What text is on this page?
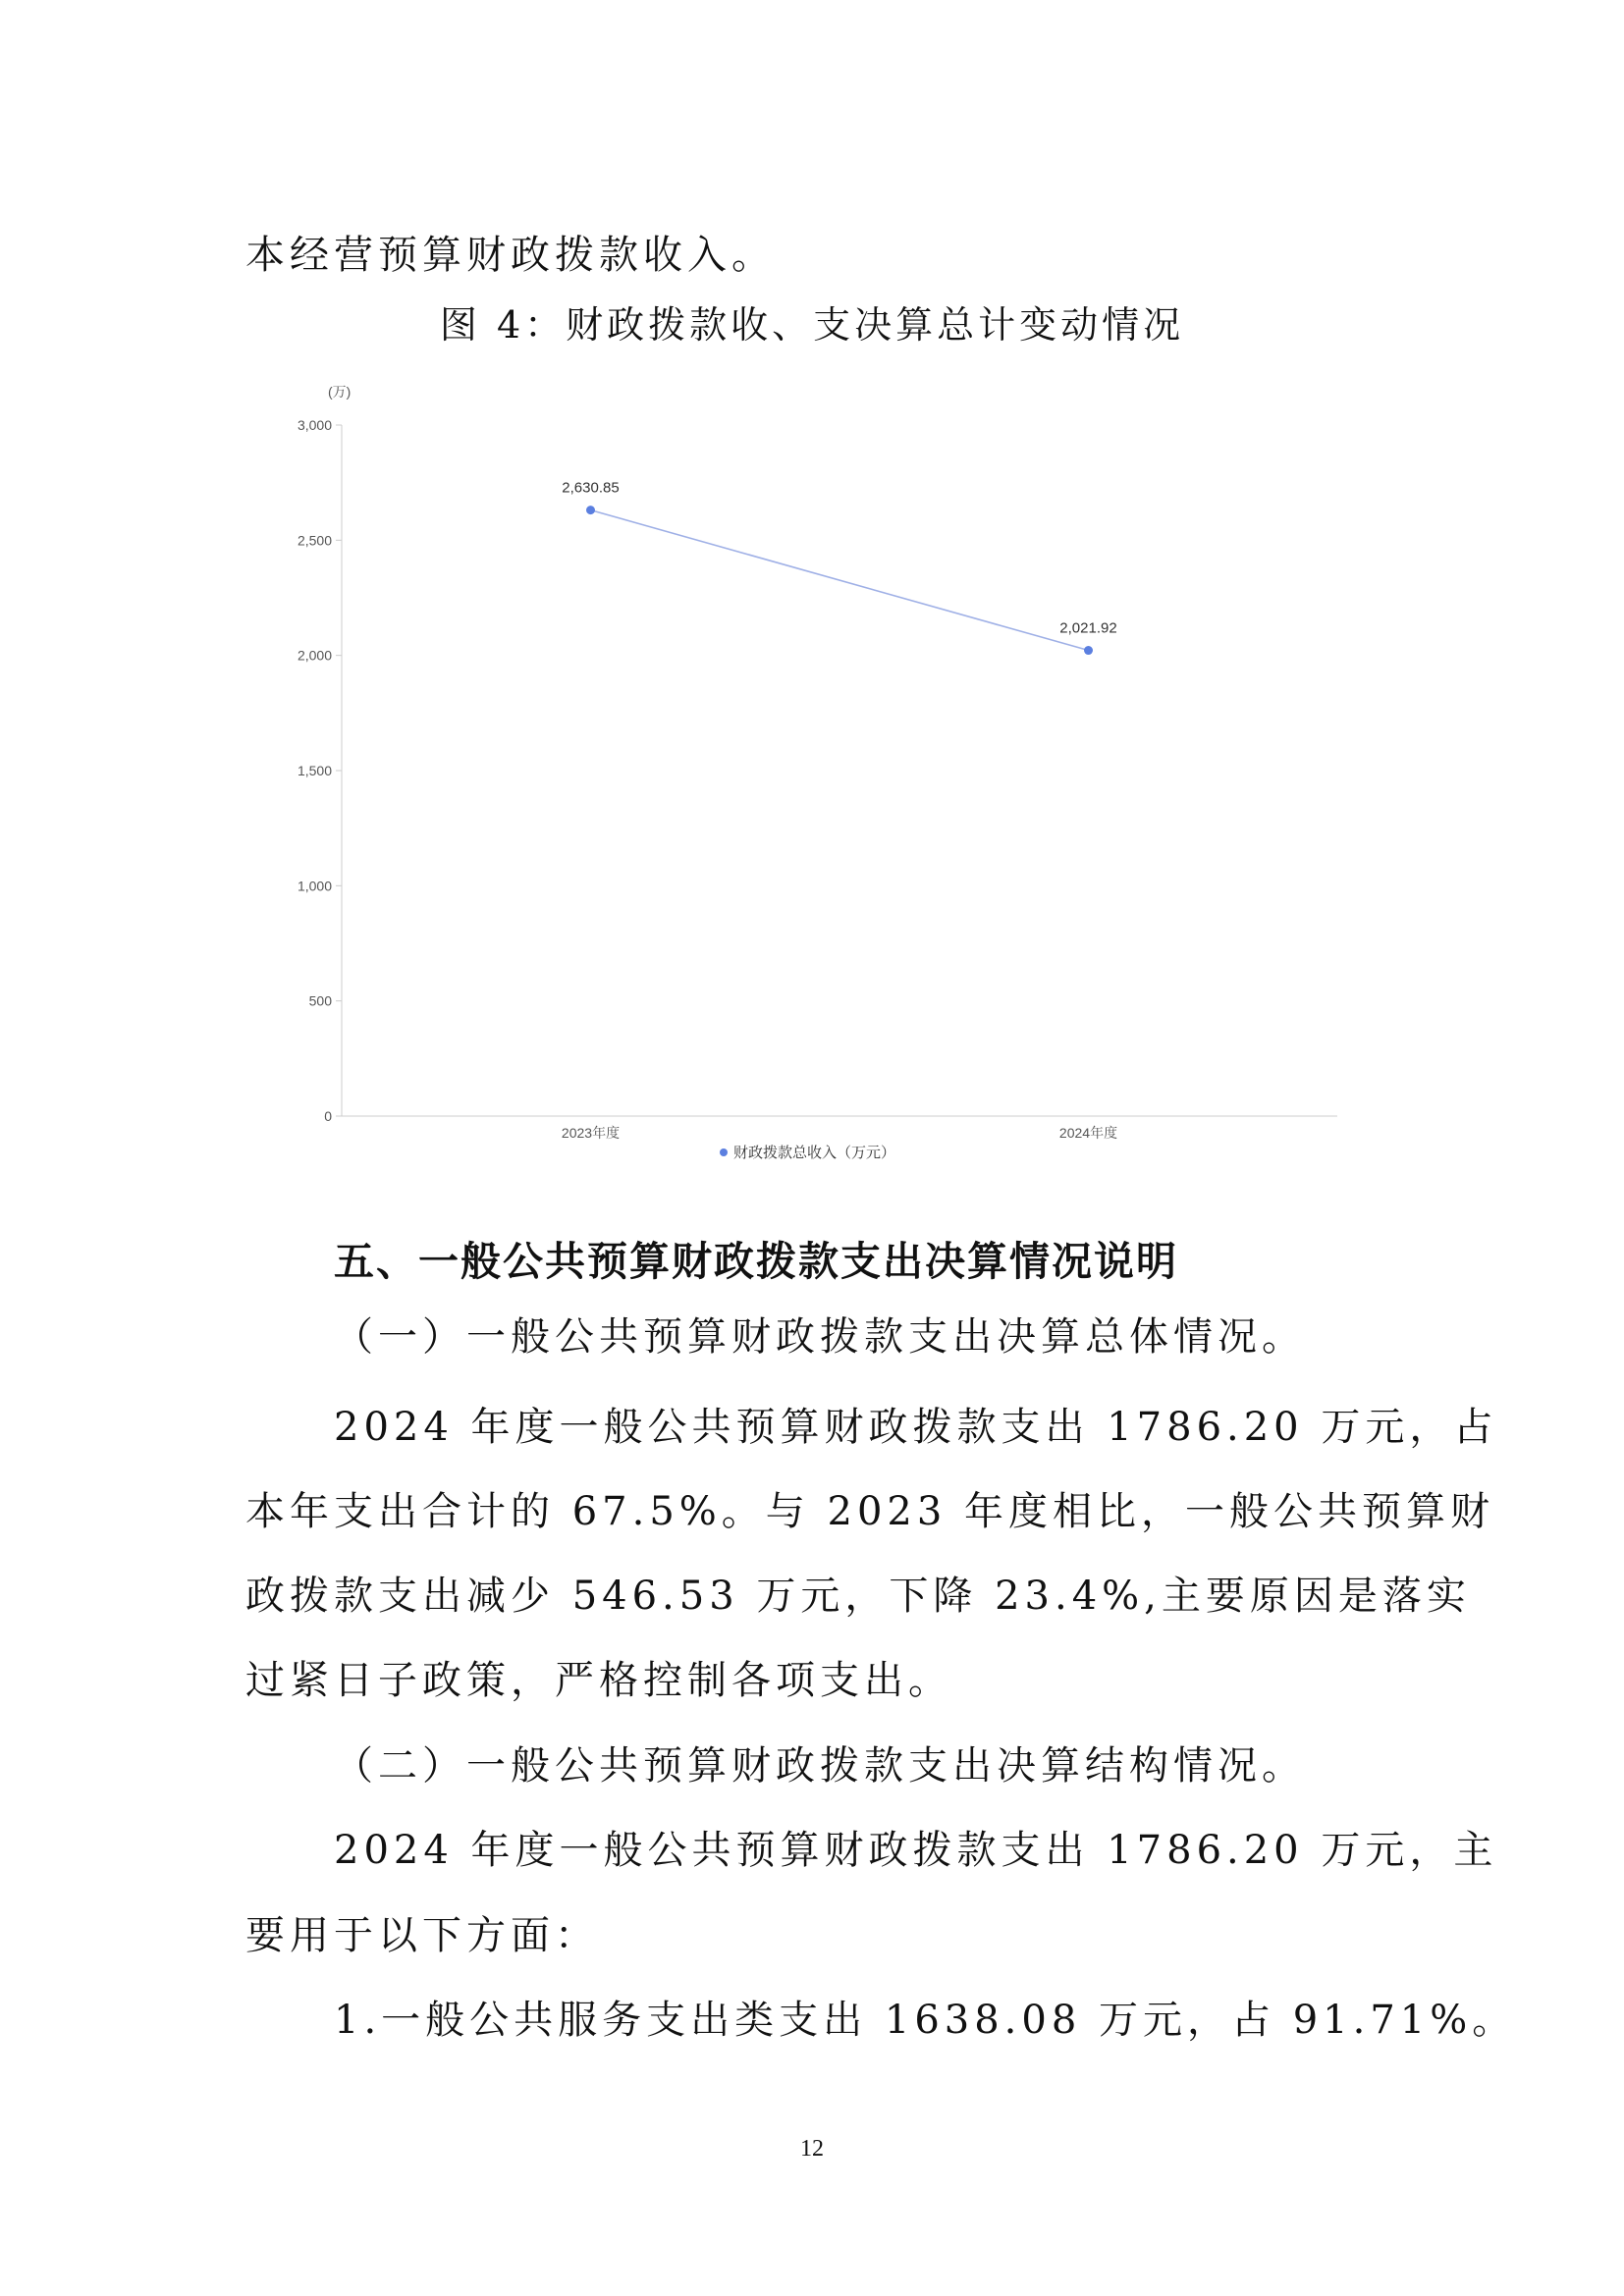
本经营预算财政拨款收入。
图 4：财政拨款收、支决算总计变动情况
(万)
0
500
1,000
1,500
2,000
2,500
3,000
2023年度	2024年度
2,630.85
2,021.92
财政拨款总收入（万元）
五、一般公共预算财政拨款支出决算情况说明
（一）一般公共预算财政拨款支出决算总体情况。
2024 年度一般公共预算财政拨款支出 1786.20 万元，占
本年支出合计的 67.5%。与 2023 年度相比，一般公共预算财
政拨款支出减少 546.53 万元，下降 23.4%,主要原因是落实
过紧日子政策，严格控制各项支出。
（二）一般公共预算财政拨款支出决算结构情况。
2024 年度一般公共预算财政拨款支出 1786.20 万元，主
要用于以下方面：
1.一般公共服务支出类支出 1638.08 万元，占 91.71%。
12
